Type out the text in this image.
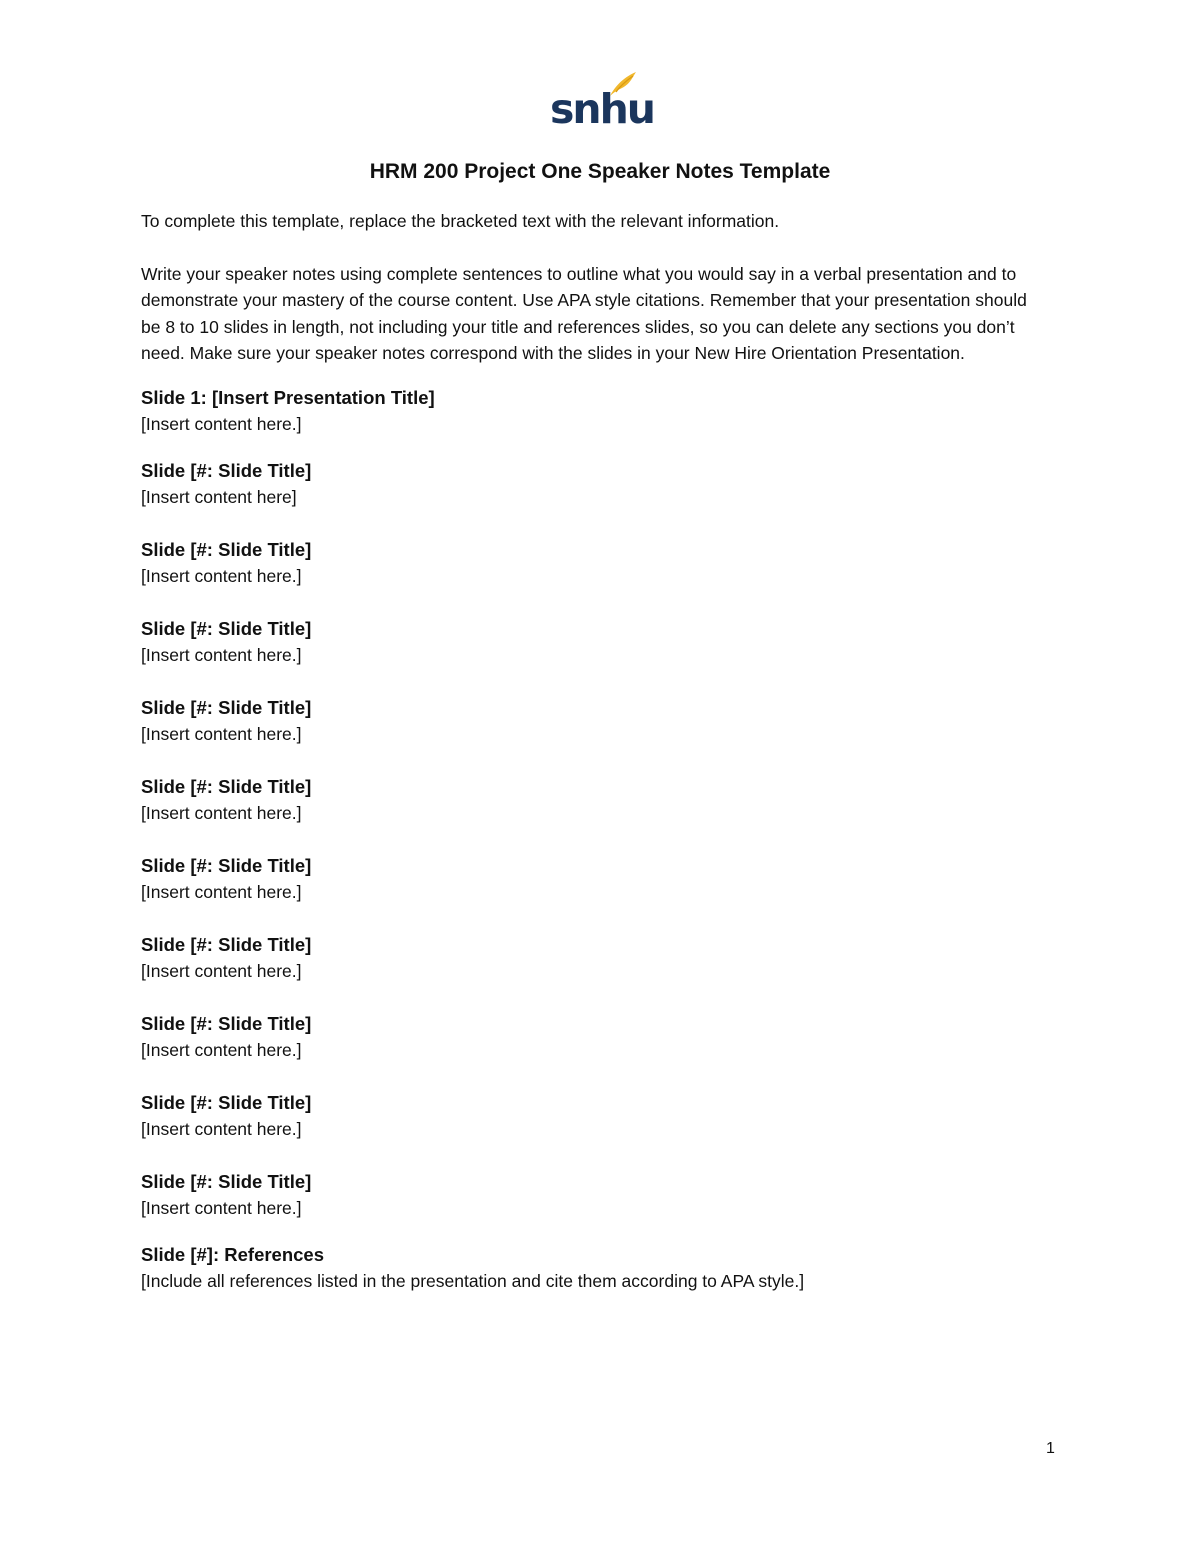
snhu
HRM 200 Project One Speaker Notes Template

To complete this template, replace the bracketed text with the relevant information.

Write your speaker notes using complete sentences to outline what you would say in a verbal presentation and to demonstrate your mastery of the course content. Use APA style citations. Remember that your presentation should be 8 to 10 slides in length, not including your title and references slides, so you can delete any sections you don’t need. Make sure your speaker notes correspond with the slides in your New Hire Orientation Presentation.

Slide 1: [Insert Presentation Title]
[Insert content here.]
Slide [#: Slide Title]
[Insert content here]
Slide [#: Slide Title]
[Insert content here.]
Slide [#: Slide Title]
[Insert content here.]
Slide [#: Slide Title]
[Insert content here.]
Slide [#: Slide Title]
[Insert content here.]
Slide [#: Slide Title]
[Insert content here.]
Slide [#: Slide Title]
[Insert content here.]
Slide [#: Slide Title]
[Insert content here.]
Slide [#: Slide Title]
[Insert content here.]
Slide [#: Slide Title]
[Insert content here.]
Slide [#]: References
[Include all references listed in the presentation and cite them according to APA style.]
1
